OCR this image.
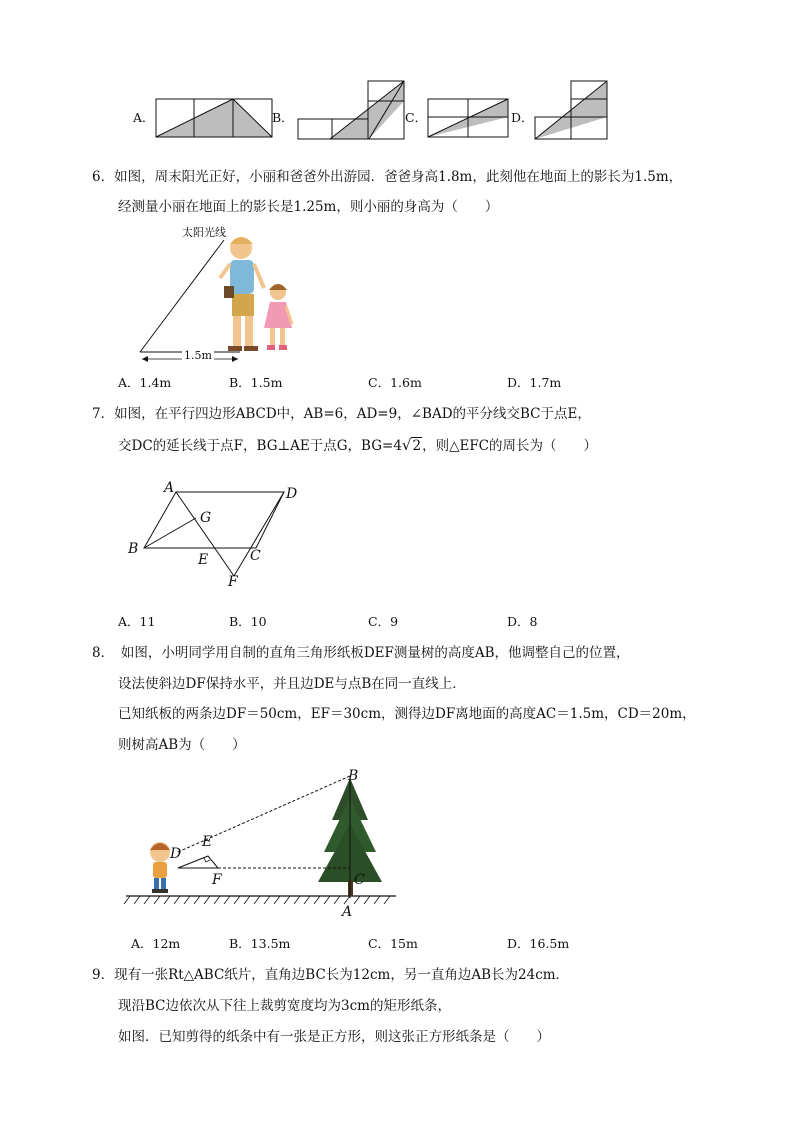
A．	B．	C．	D．
6．如图，周末阳光正好，小丽和爸爸外出游园．爸爸身高1.8m，此刻他在地面上的影长为1.5m，
经测量小丽在地面上的影长是1.25m，则小丽的身高为（　　）
太阳光线
1.5m
A．1.4m	B．1.5m	C．1.6m	D．1.7m
7．如图，在平行四边形ABCD中，AB=6，AD=9，∠BAD的平分线交BC于点E，
交DC的延长线于点F，BG⊥AE于点G，BG=4√2，则△EFC的周长为（　　）
A	D
G
B
E	C
F
A．11	B．10	C．9	D．8
8．　如图，小明同学用自制的直角三角形纸板DEF测量树的高度AB，他调整自己的位置，
设法使斜边DF保持水平，并且边DE与点B在同一直线上．
已知纸板的两条边DF＝50cm，EF＝30cm，测得边DF离地面的高度AC＝1.5m，CD＝20m，
则树高AB为（　　）
B
E
D
F	C
A
A．12m	B．13.5m	C．15m	D．16.5m
9．现有一张Rt△ABC纸片，直角边BC长为12cm，另一直角边AB长为24cm．
现沿BC边依次从下往上裁剪宽度均为3cm的矩形纸条，
如图．已知剪得的纸条中有一张是正方形，则这张正方形纸条是（　　）
